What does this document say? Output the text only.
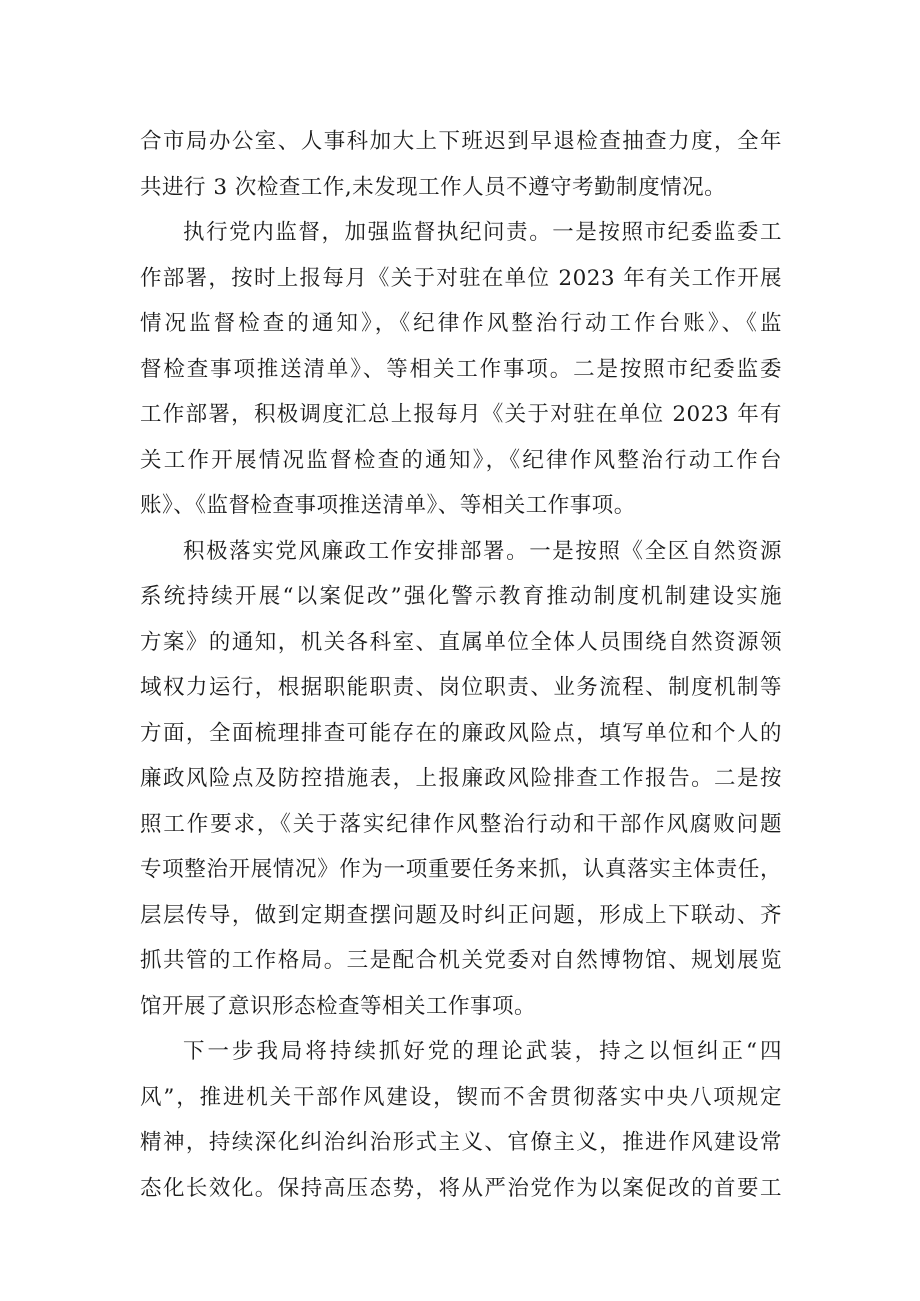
合市局办公室、人事科加大上下班迟到早退检查抽查力度，全年
共进行 3 次检查工作,未发现工作人员不遵守考勤制度情况。
执行党内监督，加强监督执纪问责。一是按照市纪委监委工
作部署，按时上报每月《关于对驻在单位 2023 年有关工作开展
情况监督检查的通知》，《纪律作风整治行动工作台账》、《监
督检查事项推送清单》、等相关工作事项。二是按照市纪委监委
工作部署，积极调度汇总上报每月《关于对驻在单位 2023 年有
关工作开展情况监督检查的通知》，《纪律作风整治行动工作台
账》、《监督检查事项推送清单》、等相关工作事项。
积极落实党风廉政工作安排部署。一是按照《全区自然资源
系统持续开展“以案促改”强化警示教育推动制度机制建设实施
方案》的通知，机关各科室、直属单位全体人员围绕自然资源领
域权力运行，根据职能职责、岗位职责、业务流程、制度机制等
方面，全面梳理排查可能存在的廉政风险点，填写单位和个人的
廉政风险点及防控措施表，上报廉政风险排查工作报告。二是按
照工作要求，《关于落实纪律作风整治行动和干部作风腐败问题
专项整治开展情况》作为一项重要任务来抓，认真落实主体责任，
层层传导，做到定期查摆问题及时纠正问题，形成上下联动、齐
抓共管的工作格局。三是配合机关党委对自然博物馆、规划展览
馆开展了意识形态检查等相关工作事项。
下一步我局将持续抓好党的理论武装，持之以恒纠正“四
风”，推进机关干部作风建设，锲而不舍贯彻落实中央八项规定
精神，持续深化纠治纠治形式主义、官僚主义，推进作风建设常
态化长效化。保持高压态势，将从严治党作为以案促改的首要工
